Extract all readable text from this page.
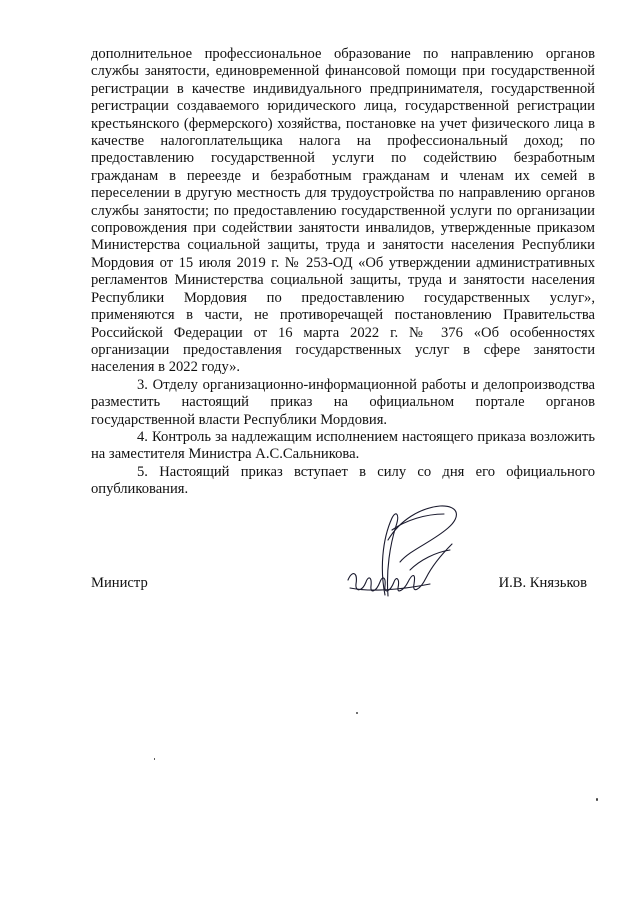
дополнительное профессиональное образование по направлению органов службы занятости, единовременной финансовой помощи при государственной регистрации в качестве индивидуального предпринимателя, государственной регистрации создаваемого юридического лица, государственной регистрации крестьянского (фермерского) хозяйства, постановке на учет физического лица в качестве налогоплательщика налога на профессиональный доход; по предоставлению государственной услуги по содействию безработным гражданам в переезде и безработным гражданам и членам их семей в переселении в другую местность для трудоустройства по направлению органов службы занятости; по предоставлению государственной услуги по организации сопровождения при содействии занятости инвалидов, утвержденные приказом Министерства социальной защиты, труда и занятости населения Республики Мордовия от 15 июля 2019 г. № 253-ОД «Об утверждении административных регламентов Министерства социальной защиты, труда и занятости населения Республики Мордовия по предоставлению государственных услуг», применяются в части, не противоречащей постановлению Правительства Российской Федерации от 16 марта 2022 г. № 376 «Об особенностях организации предоставления государственных услуг в сфере занятости населения в 2022 году».

3. Отделу организационно-информационной работы и делопроизводства разместить настоящий приказ на официальном портале органов государственной власти Республики Мордовия.

4. Контроль за надлежащим исполнением настоящего приказа возложить на заместителя Министра А.С.Сальникова.

5. Настоящий приказ вступает в силу со дня его официального опубликования.

Министр	И.В. Князьков
